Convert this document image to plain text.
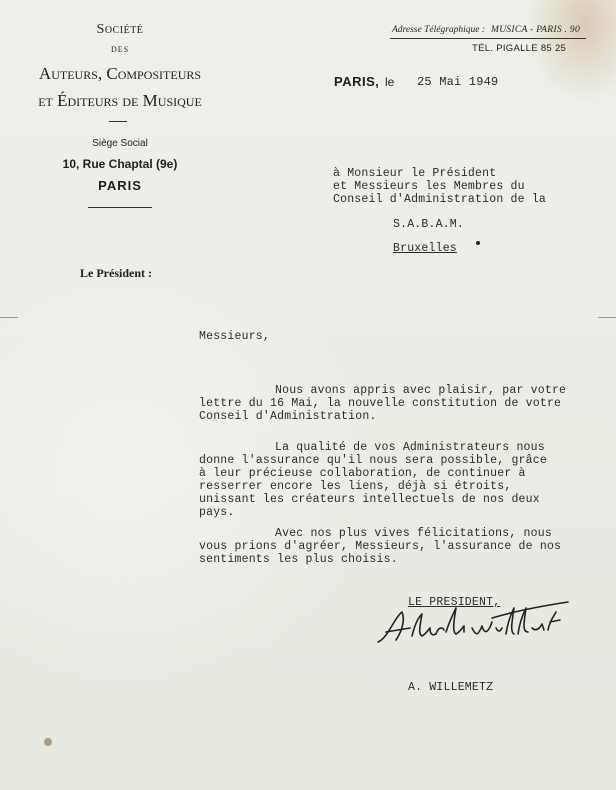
Société
des
Auteurs, Compositeurs
et Éditeurs de Musique
Siège Social
10, Rue Chaptal (9e)
PARIS
Le Président :
Adresse Télégraphique : MUSICA - PARIS . 90
TÉL. PIGALLE 85 25
PARIS, le 25 Mai 1949
à Monsieur le Président
et Messieurs les Membres du
Conseil d'Administration de la
S.A.B.A.M.
Bruxelles
Messieurs,
Nous avons appris avec plaisir, par votre
lettre du 16 Mai, la nouvelle constitution de votre
Conseil d'Administration.
La qualité de vos Administrateurs nous
donne l'assurance qu'il nous sera possible, grâce
à leur précieuse collaboration, de continuer à
resserrer encore les liens, déjà si étroits,
unissant les créateurs intellectuels de nos deux
pays.
Avec nos plus vives félicitations, nous
vous prions d'agréer, Messieurs, l'assurance de nos
sentiments les plus choisis.
LE PRESIDENT,
A. WILLEMETZ
